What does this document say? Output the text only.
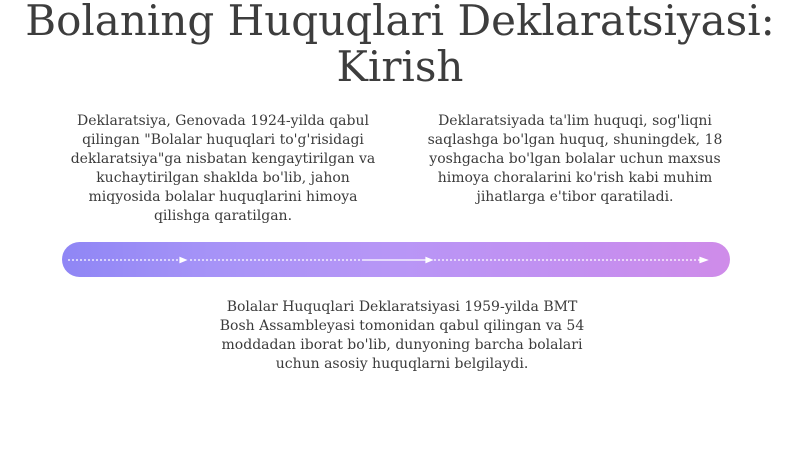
Bolaning Huquqlari Deklaratsiyasi: Kirish

Deklaratsiya, Genovada 1924-yilda qabul qilingan "Bolalar huquqlari to'g'risidagi deklaratsiya"ga nisbatan kengaytirilgan va kuchaytirilgan shaklda bo'lib, jahon miqyosida bolalar huquqlarini himoya qilishga qaratilgan.

Deklaratsiyada ta'lim huquqi, sog'liqni saqlashga bo'lgan huquq, shuningdek, 18 yoshgacha bo'lgan bolalar uchun maxsus himoya choralarini ko'rish kabi muhim jihatlarga e'tibor qaratiladi.

Bolalar Huquqlari Deklaratsiyasi 1959-yilda BMT Bosh Assambleyasi tomonidan qabul qilingan va 54 moddadan iborat bo'lib, dunyoning barcha bolalari uchun asosiy huquqlarni belgilaydi.
